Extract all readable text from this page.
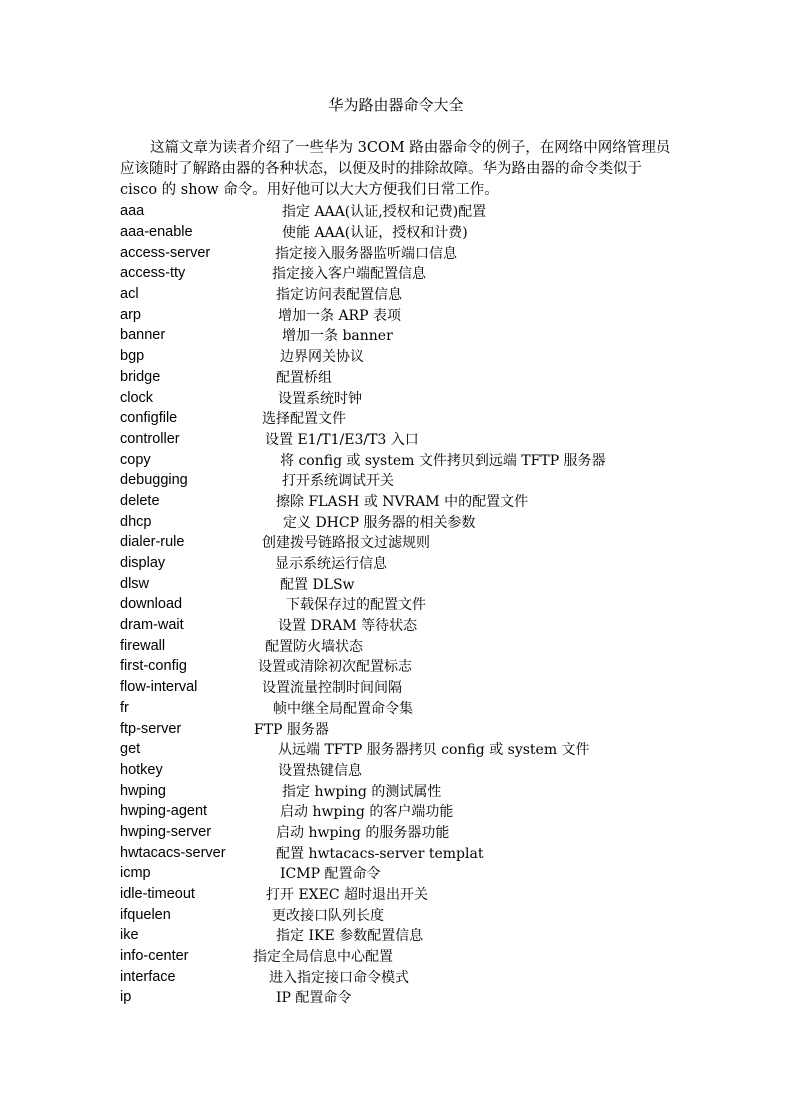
华为路由器命令大全

这篇文章为读者介绍了一些华为 3COM 路由器命令的例子，在网络中网络管理员应该随时了解路由器的各种状态，以便及时的排除故障。华为路由器的命令类似于 cisco 的 show 命令。用好他可以大大方便我们日常工作。

aaa	指定 AAA(认证,授权和记费)配置
aaa-enable	使能 AAA(认证，授权和计费)
access-server	指定接入服务器监听端口信息
access-tty	指定接入客户端配置信息
acl	指定访问表配置信息
arp	增加一条 ARP 表项
banner	增加一条 banner
bgp	边界网关协议
bridge	配置桥组
clock	设置系统时钟
configfile	选择配置文件
controller	设置 E1/T1/E3/T3 入口
copy	将 config 或 system 文件拷贝到远端 TFTP 服务器
debugging	打开系统调试开关
delete	擦除 FLASH 或 NVRAM 中的配置文件
dhcp	定义 DHCP 服务器的相关参数
dialer-rule	创建拨号链路报文过滤规则
display	显示系统运行信息
dlsw	配置 DLSw
download	下载保存过的配置文件
dram-wait	设置 DRAM 等待状态
firewall	配置防火墙状态
first-config	设置或清除初次配置标志
flow-interval	设置流量控制时间间隔
fr	帧中继全局配置命令集
ftp-server	FTP 服务器
get	从远端 TFTP 服务器拷贝 config 或 system 文件
hotkey	设置热键信息
hwping	指定 hwping 的测试属性
hwping-agent	启动 hwping 的客户端功能
hwping-server	启动 hwping 的服务器功能
hwtacacs-server	配置 hwtacacs-server templat
icmp	ICMP 配置命令
idle-timeout	打开 EXEC 超时退出开关
ifquelen	更改接口队列长度
ike	指定 IKE 参数配置信息
info-center	指定全局信息中心配置
interface	进入指定接口命令模式
ip	IP 配置命令
